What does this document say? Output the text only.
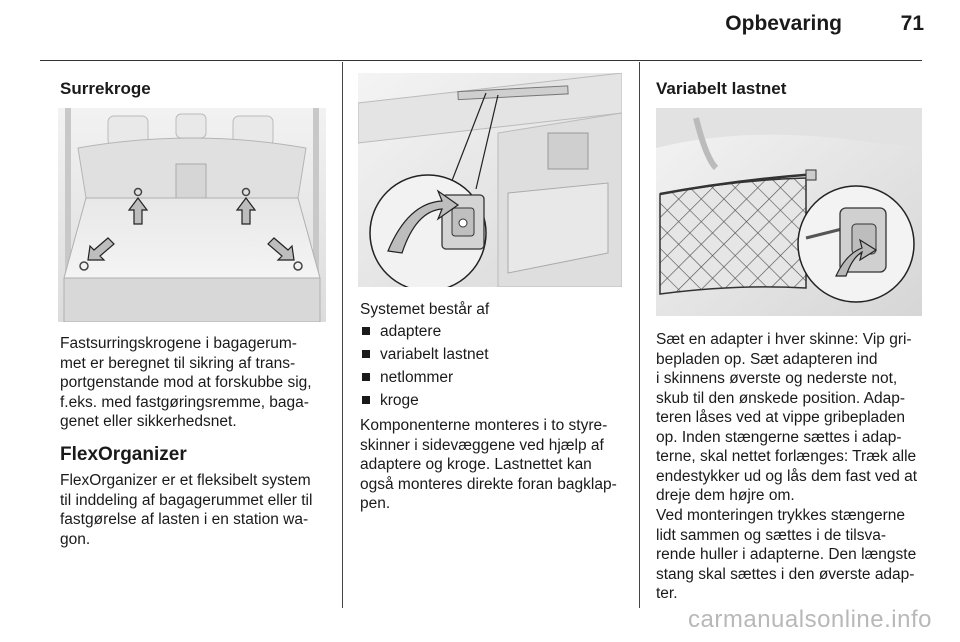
Opbevaring	71
Surrekroge

Fastsurringskrogene i bagagerum-
met er beregnet til sikring af trans-
portgenstande mod at forskubbe sig,
f.eks. med fastgøringsremme, baga-
genet eller sikkerhedsnet.

FlexOrganizer

FlexOrganizer er et fleksibelt system
til inddeling af bagagerummet eller til
fastgørelse af lasten i en station wa-
gon.

Systemet består af
adaptere
variabelt lastnet
netlommer
kroge

Komponenterne monteres i to styre-
skinner i sidevæggene ved hjælp af
adaptere og kroge. Lastnettet kan
også monteres direkte foran bagklap-
pen.

Variabelt lastnet

Sæt en adapter i hver skinne: Vip gri-
bepladen op. Sæt adapteren ind
i skinnens øverste og nederste not,
skub til den ønskede position. Adap-
teren låses ved at vippe gribepladen
op. Inden stængerne sættes i adap-
terne, skal nettet forlænges: Træk alle
endestykker ud og lås dem fast ved at
dreje dem højre om.

Ved monteringen trykkes stængerne
lidt sammen og sættes i de tilsva-
rende huller i adapterne. Den længste
stang skal sættes i den øverste adap-
ter.

carmanualsonline.info
